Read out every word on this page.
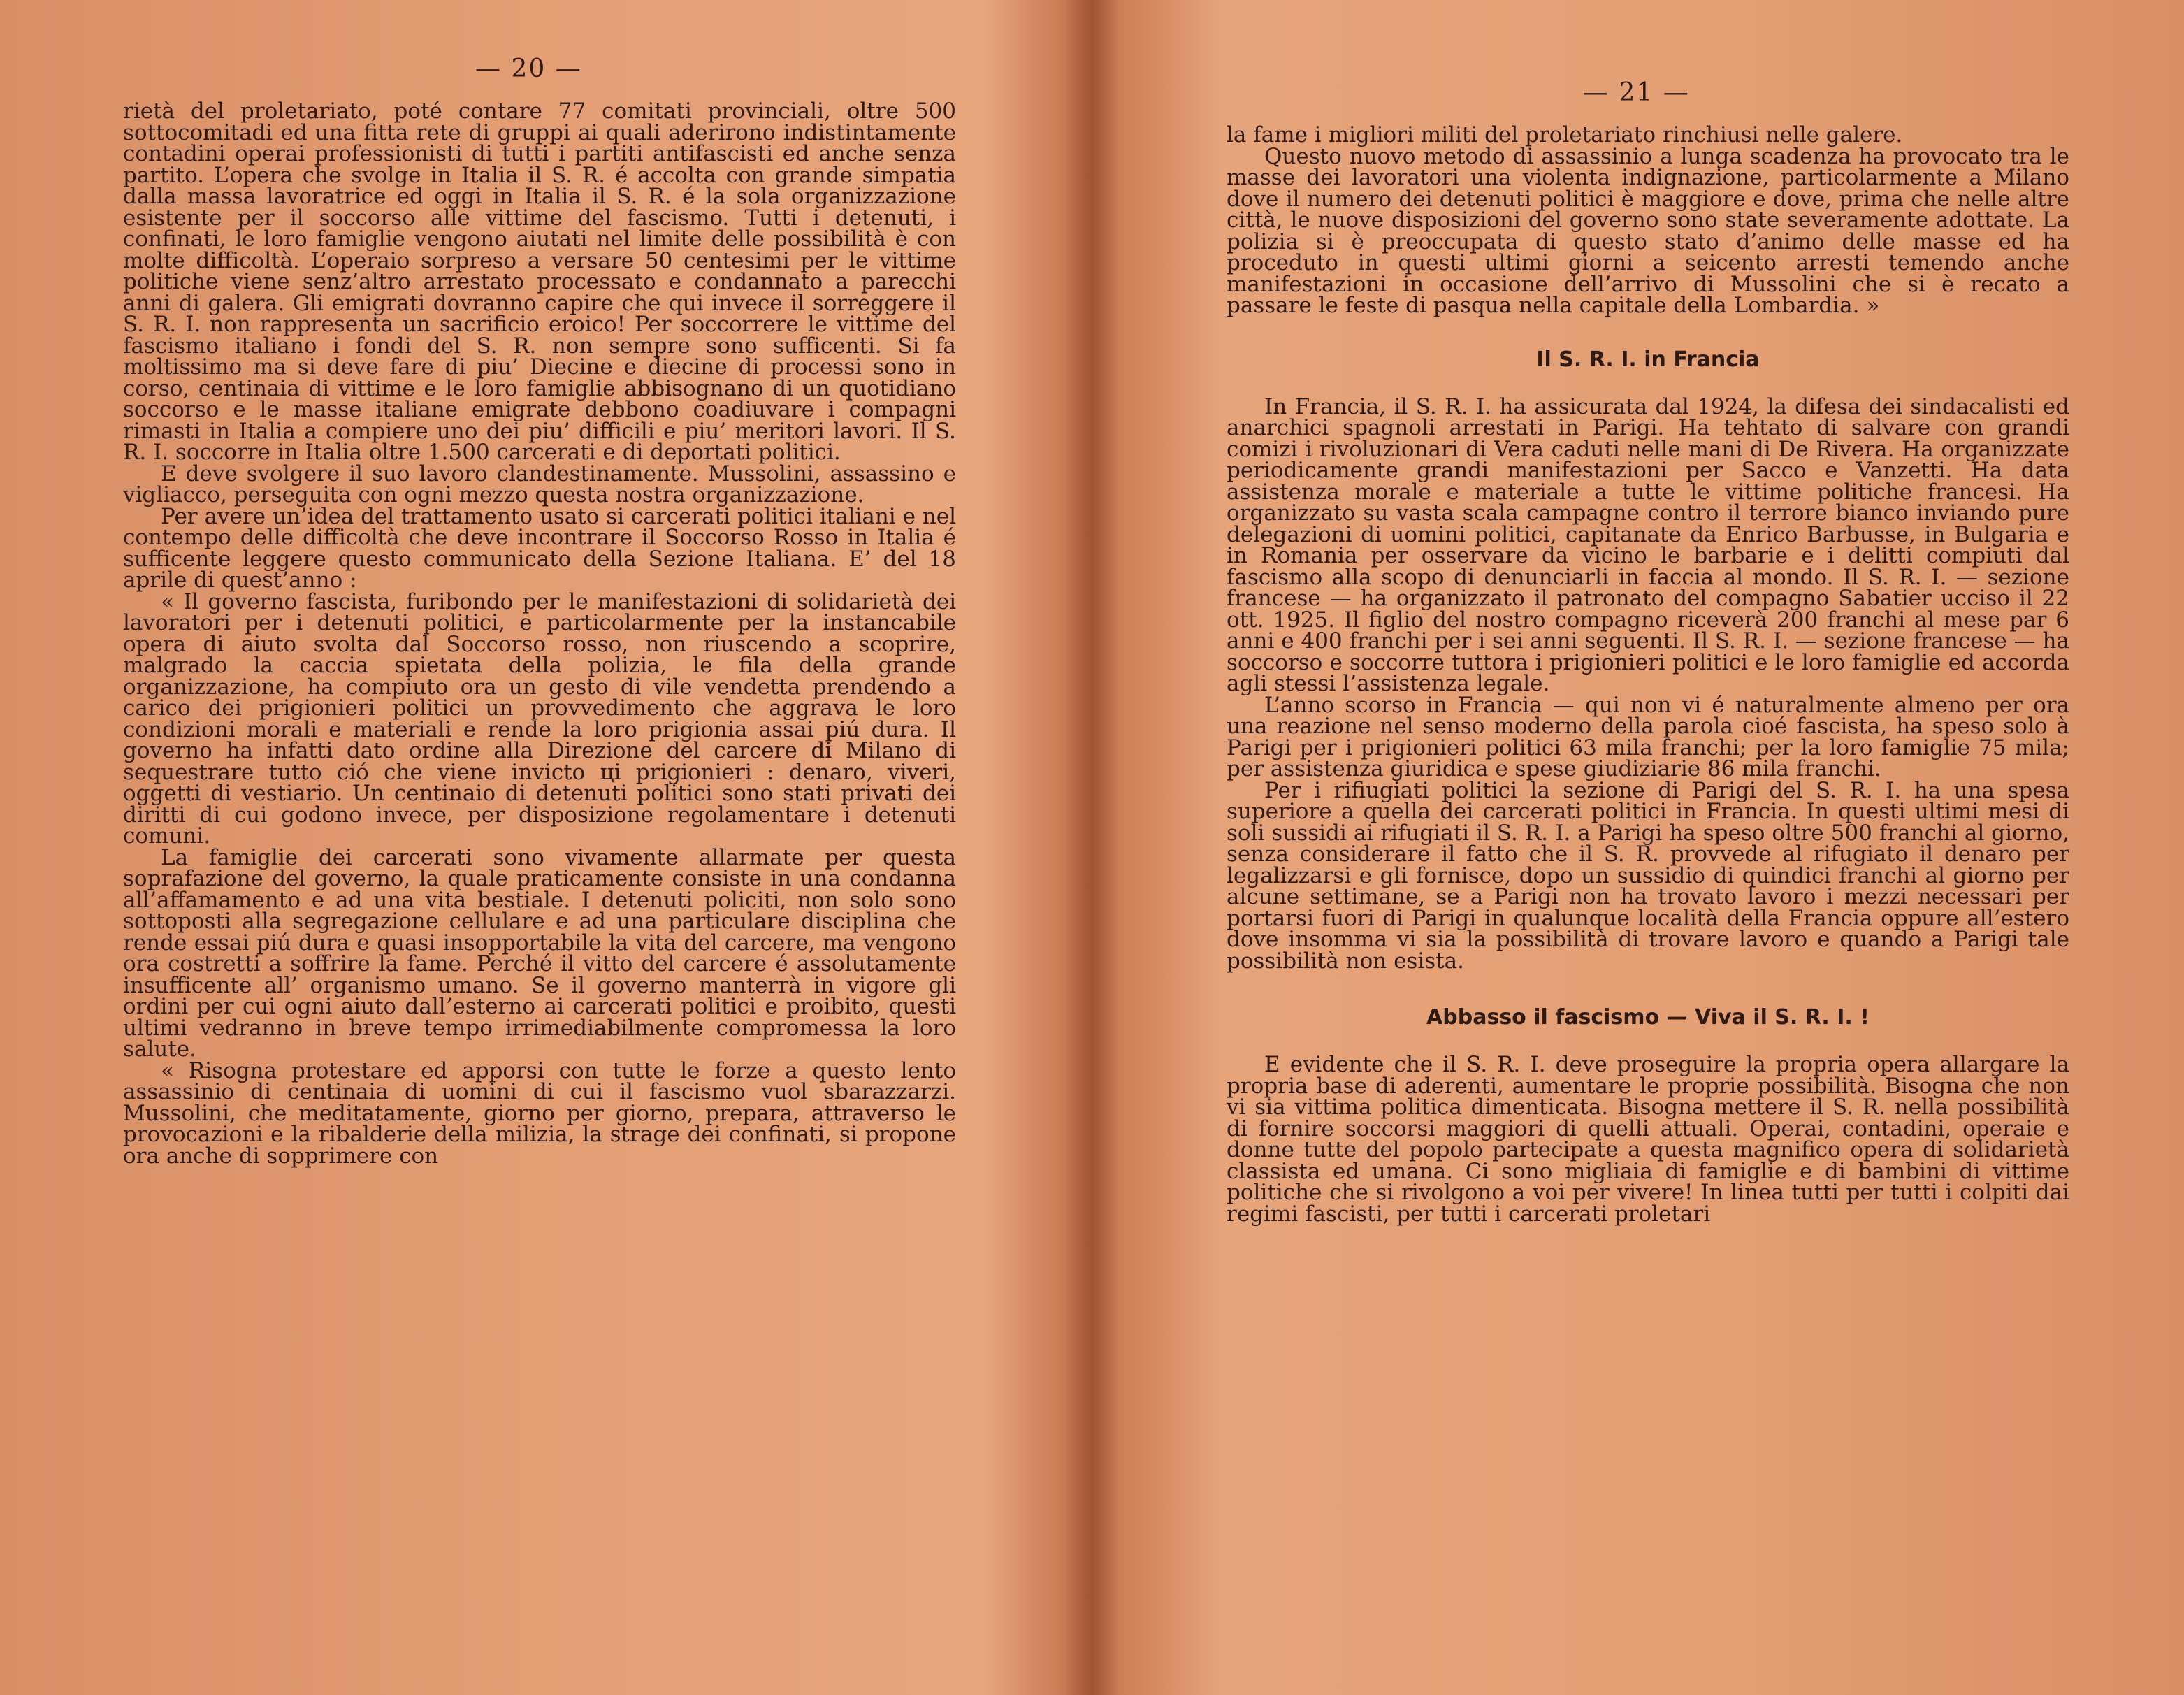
— 20 —

rietà del proletariato, poté contare 77 comitati provinciali, oltre 500 sottocomitadi ed una fitta rete di gruppi ai quali aderirono indistintamente contadini operai professionisti di tutti i partiti antifascisti ed anche senza partito. L’opera che svolge in Italia il S. R. é accolta con grande simpatia dalla massa lavoratrice ed oggi in Italia il S. R. é la sola organizzazione esistente per il soccorso alle vittime del fascismo. Tutti i detenuti, i confinati, le loro famiglie vengono aiutati nel limite delle possibilità è con molte difficoltà. L’operaio sorpreso a versare 50 centesimi per le vittime politiche viene senz’altro arrestato processato e condannato a parecchi anni di galera. Gli emigrati dovranno capire che qui invece il sorreggere il S. R. I. non rappresenta un sacrificio eroico! Per soccorrere le vittime del fascismo italiano i fondi del S. R. non sempre sono sufficenti. Si fa moltissimo ma si deve fare di piu’ Diecine e diecine di processi sono in corso, centinaia di vittime e le loro famiglie abbisognano di un quotidiano soccorso e le masse italiane emigrate debbono coadiuvare i compagni rimasti in Italia a compiere uno dei piu’ difficili e piu’ meritori lavori. Il S. R. I. soccorre in Italia oltre 1.500 carcerati e di deportati politici.

E deve svolgere il suo lavoro clandestinamente. Mussolini, assassino e vigliacco, perseguita con ogni mezzo questa nostra organizzazione.

Per avere un’idea del trattamento usato si carcerati politici italiani e nel contempo delle difficoltà che deve incontrare il Soccorso Rosso in Italia é sufficente leggere questo communicato della Sezione Italiana. E’ del 18 aprile di quest’anno :

« Il governo fascista, furibondo per le manifestazioni di solidarietà dei lavoratori per i detenuti politici, e particolarmente per la instancabile opera di aiuto svolta dal Soccorso rosso, non riuscendo a scoprire, malgrado la caccia spietata della polizia, le fila della grande organizzazione, ha compiuto ora un gesto di vile vendetta prendendo a carico dei prigionieri politici un provvedimento che aggrava le loro condizioni morali e materiali e rende la loro prigionia assai piú dura. Il governo ha infatti dato ordine alla Direzione del carcere di Milano di sequestrare tutto ció che viene invicto ці prigionieri : denaro, viveri, oggetti di vestiario. Un centinaio di detenuti politici sono stati privati dei diritti di cui godono invece, per disposizione regolamentare i detenuti comuni.

La famiglie dei carcerati sono vivamente allarmate per questa soprafazione del governo, la quale praticamente consiste in una condanna all’affamamento e ad una vita bestiale. I detenuti policiti, non solo sono sottoposti alla segregazione cellulare e ad una particulare disciplina che rende essai piú dura e quasi insopportabile la vita del carcere, ma vengono ora costretti a soffrire la fame. Perché il vitto del carcere é assolutamente insufficente all’ organismo umano. Se il governo manterrà in vigore gli ordini per cui ogni aiuto dall’esterno ai carcerati politici e proibito, questi ultimi vedranno in breve tempo irrimediabilmente compromessa la loro salute.

« Risogna protestare ed apporsi con tutte le forze a questo lento assassinio di centinaia di uomini di cui il fascismo vuol sbarazzarzi. Mussolini, che meditatamente, giorno per giorno, prepara, attraverso le provocazioni e la ribalderie della milizia, la strage dei confinati, si propone ora anche di sopprimere con

— 21 —

la fame i migliori militi del proletariato rinchiusi nelle galere.

Questo nuovo metodo di assassinio a lunga scadenza ha provocato tra le masse dei lavoratori una violenta indignazione, particolarmente a Milano dove il numero dei detenuti politici è maggiore e dove, prima che nelle altre città, le nuove disposizioni del governo sono state severamente adottate. La polizia si è preoccupata di questo stato d’animo delle masse ed ha proceduto in questi ultimi giorni a seicento arresti temendo anche manifestazioni in occasione dell’arrivo di Mussolini che si è recato a passare le feste di pasqua nella capitale della Lombardia. »

Il S. R. I. in Francia

In Francia, il S. R. I. ha assicurata dal 1924, la difesa dei sindacalisti ed anarchici spagnoli arrestati in Parigi. Ha tehtato di salvare con grandi comizi i rivoluzionari di Vera caduti nelle mani di De Rivera. Ha organizzate periodicamente grandi manifestazioni per Sacco e Vanzetti. Ha data assistenza morale e materiale a tutte le vittime politiche francesi. Ha organizzato su vasta scala campagne contro il terrore bianco inviando pure delegazioni di uomini politici, capitanate da Enrico Barbusse, in Bulgaria e in Romania per osservare da vicino le barbarie e i delitti compiuti dal fascismo alla scopo di denunciarli in faccia al mondo. Il S. R. I. — sezione francese — ha organizzato il patronato del compagno Sabatier ucciso il 22 ott. 1925. Il figlio del nostro compagno riceverà 200 franchi al mese par 6 anni e 400 franchi per i sei anni seguenti. Il S. R. I. — sezione francese — ha soccorso e soccorre tuttora i prigionieri politici e le loro famiglie ed accorda agli stessi l’assistenza legale.

L’anno scorso in Francia — qui non vi é naturalmente almeno per ora una reazione nel senso moderno della parola cioé fascista, ha speso solo à Parigi per i prigionieri politici 63 mila franchi; per la loro famiglie 75 mila; per assistenza giuridica e spese giudiziarie 86 mila franchi.

Per i rifiugiati politici la sezione di Parigi del S. R. I. ha una spesa superiore a quella dei carcerati politici in Francia. In questi ultimi mesi di soli sussidi ai rifugiati il S. R. I. a Parigi ha speso oltre 500 franchi al giorno, senza considerare il fatto che il S. R. provvede al rifugiato il denaro per legalizzarsi e gli fornisce, dopo un sussidio di quindici franchi al giorno per alcune settimane, se a Parigi non ha trovato lavoro i mezzi necessari per portarsi fuori di Parigi in qualunque località della Francia oppure all’estero dove insomma vi sia la possibilità di trovare lavoro e quando a Parigi tale possibilità non esista.

Abbasso il fascismo — Viva il S. R. I. !

E evidente che il S. R. I. deve proseguire la propria opera allargare la propria base di aderenti, aumentare le proprie possibilità. Bisogna che non vi sia vittima politica dimenticata. Bisogna mettere il S. R. nella possibilità di fornire soccorsi maggiori di quelli attuali. Operai, contadini, operaie e donne tutte del popolo partecipate a questa magnifico opera di solidarietà classista ed umana. Ci sono migliaia di famiglie e di bambini di vittime politiche che si rivolgono a voi per vivere! In linea tutti per tutti i colpiti dai regimi fascisti, per tutti i carcerati proletari
